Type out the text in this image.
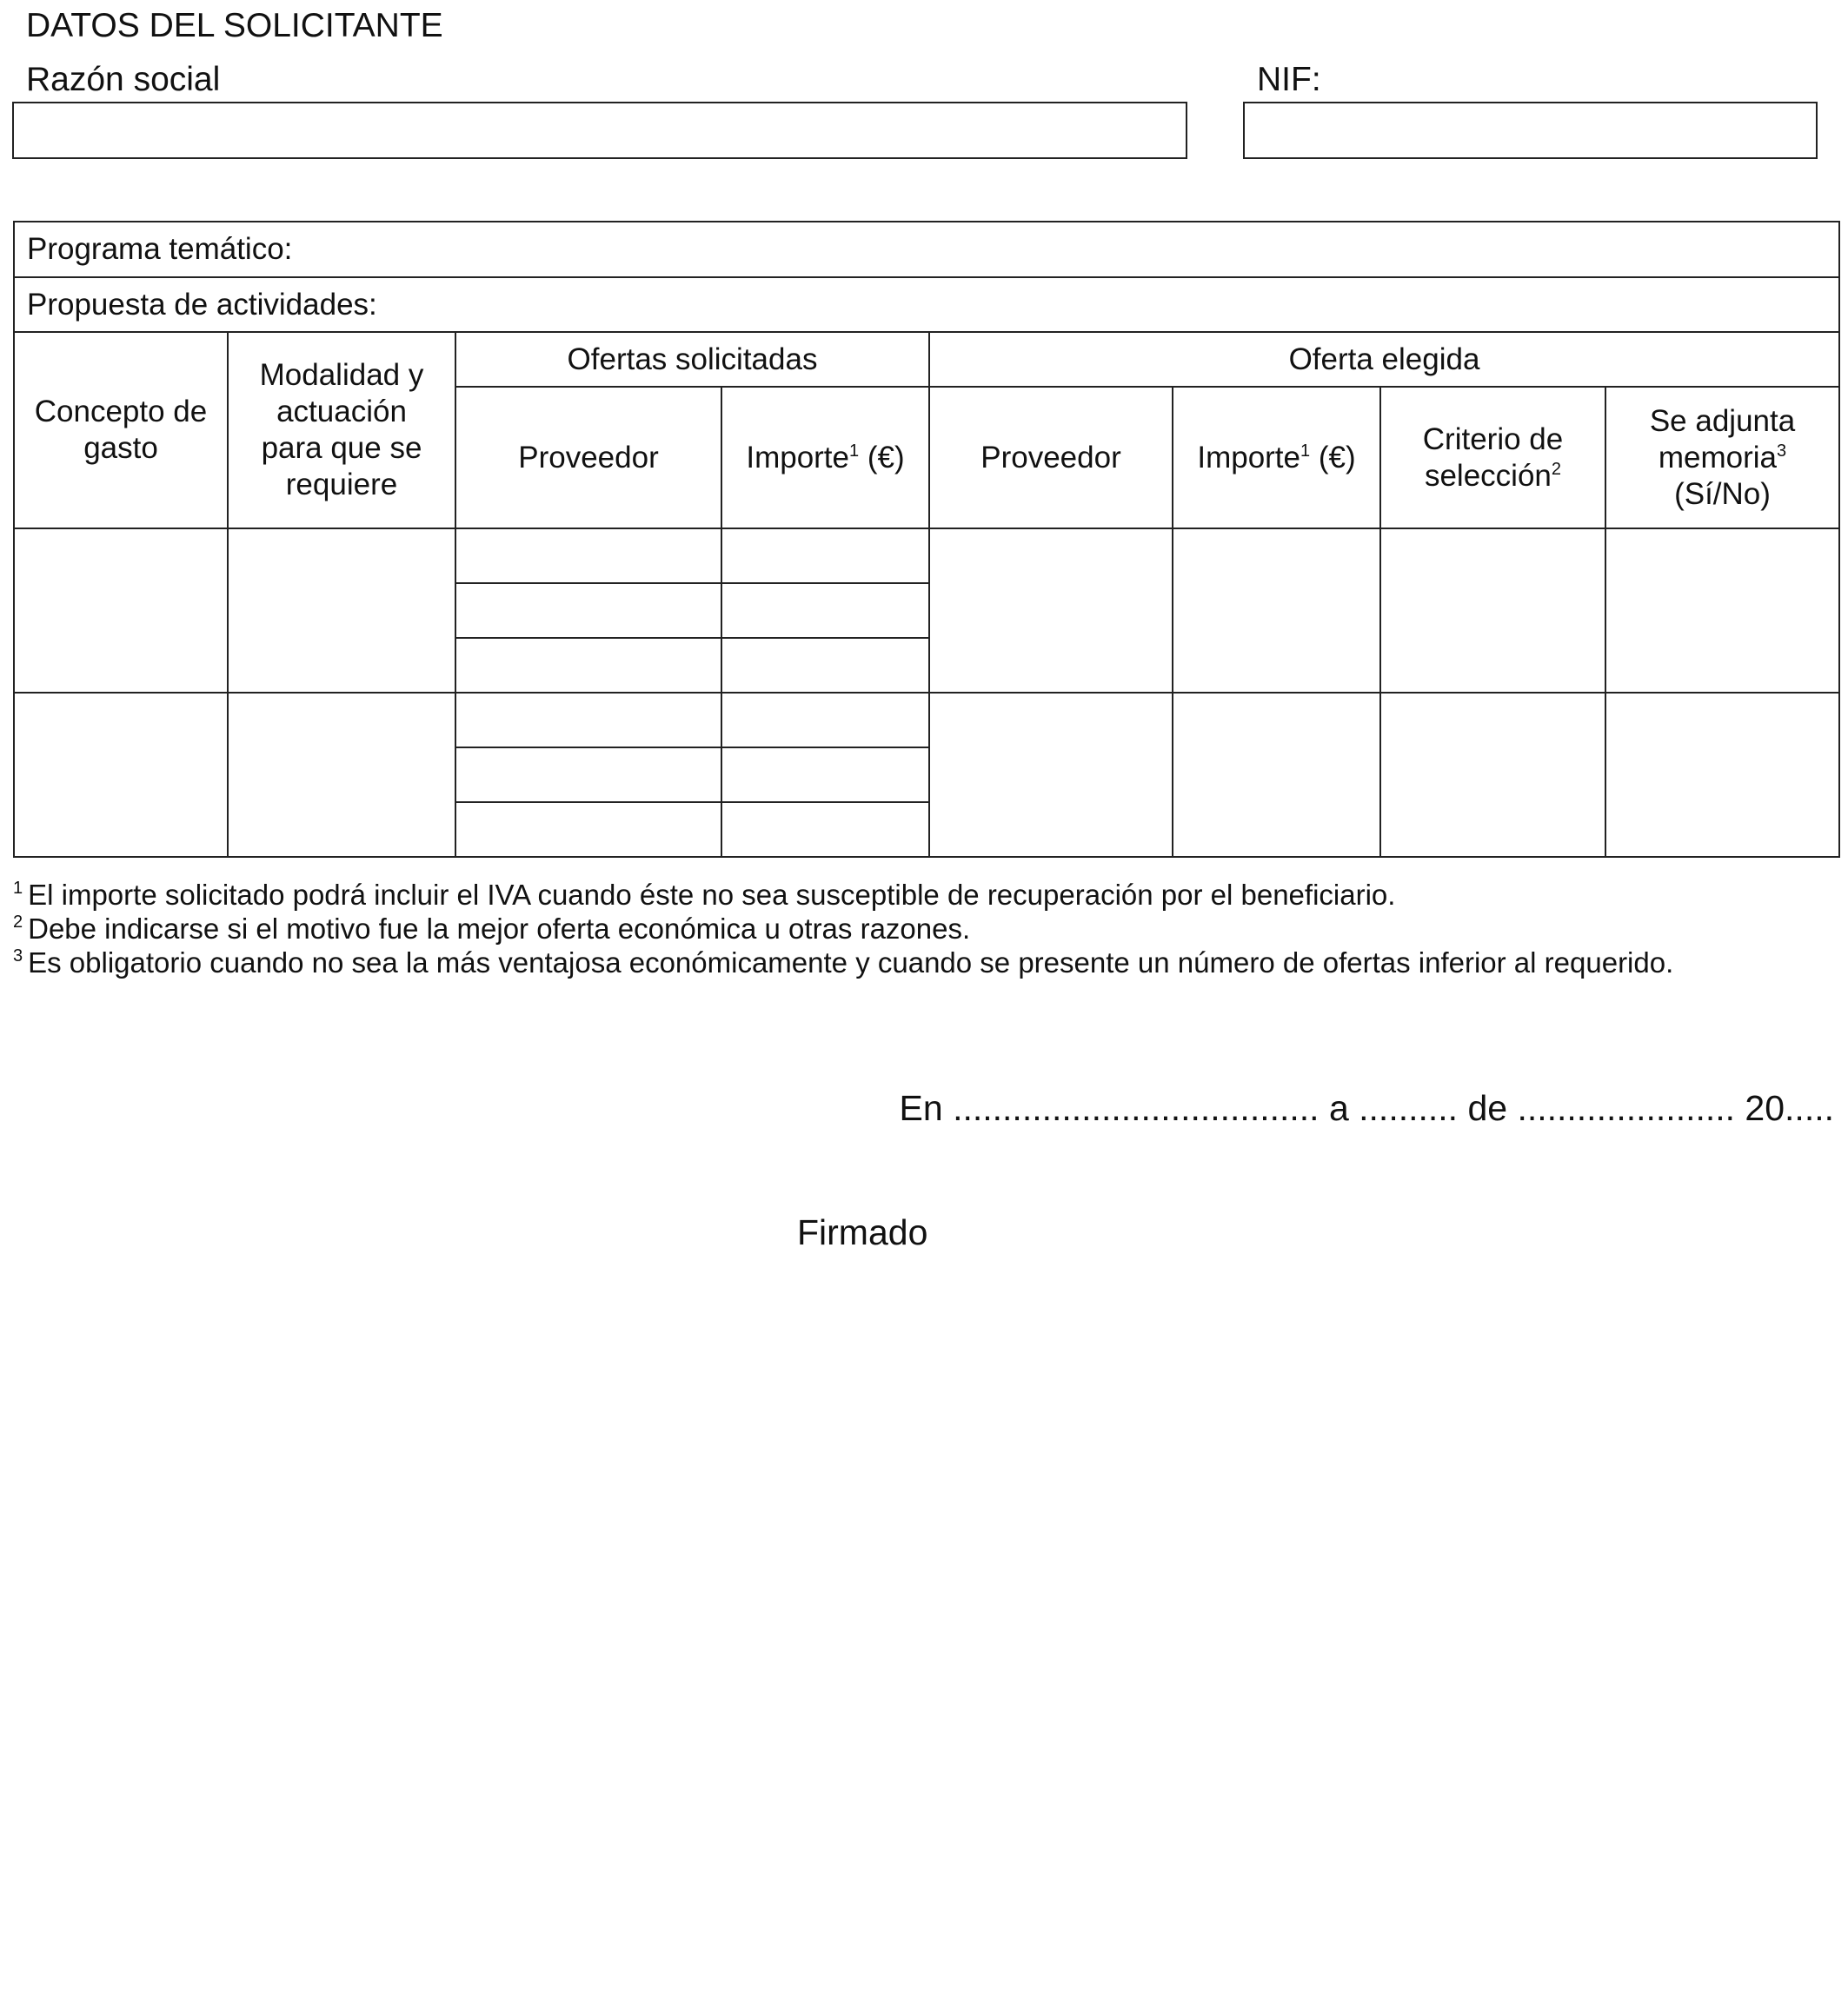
DATOS DEL SOLICITANTE
Razón social	NIF:
Programa temático:							
Propuesta de actividades:							

Concepto de gasto	Modalidad y actuación para que se requiere	Ofertas solicitadas		Oferta elegida			
		Proveedor	Importe$^1$ (€)	Proveedor	Importe$^1$ (€)	Criterio de selección$^2$	Se adjunta memoria$^3$ (Sí/No)

$^1$ El importe solicitado podrá incluir el IVA cuando éste no sea susceptible de recuperación por el beneficiario.
$^2$ Debe indicarse si el motivo fue la mejor oferta económica u otras razones.
$^3$ Es obligatorio cuando no sea la más ventajosa económicamente y cuando se presente un número de ofertas inferior al requerido.
En ..................................... a .......... de ...................... 20.....
Firmado
